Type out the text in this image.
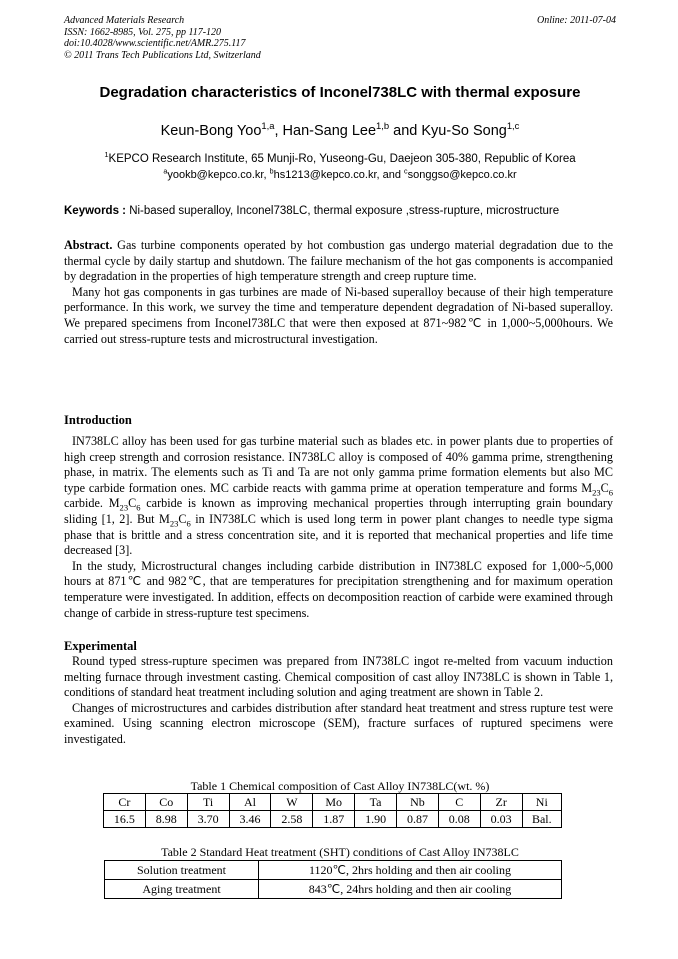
Advanced Materials Research
ISSN: 1662-8985, Vol. 275, pp 117-120
doi:10.4028/www.scientific.net/AMR.275.117
© 2011 Trans Tech Publications Ltd, Switzerland
Online: 2011-07-04
Degradation characteristics of Inconel738LC with thermal exposure
Keun-Bong Yoo$^{1,a}$, Han-Sang Lee$^{1,b}$ and Kyu-So Song$^{1,c}$
$^1$KEPCO Research Institute, 65 Munji-Ro, Yuseong-Gu, Daejeon 305-380, Republic of Korea
$^a$yookb@kepco.co.kr, $^b$hs1213@kepco.co.kr, and $^c$songgso@kepco.co.kr
Keywords : Ni-based superalloy, Inconel738LC, thermal exposure ,stress-rupture, microstructure

Abstract. Gas turbine components operated by hot combustion gas undergo material degradation due to the thermal cycle by daily startup and shutdown. The failure mechanism of the hot gas components is accompanied by degradation in the properties of high temperature strength and creep rupture time.

Many hot gas components in gas turbines are made of Ni-based superalloy because of their high temperature performance. In this work, we survey the time and temperature dependent degradation of Ni-based superalloy. We prepared specimens from Inconel738LC that were then exposed at 871~982℃ in 1,000~5,000hours. We carried out stress-rupture tests and microstructural investigation.

Introduction

IN738LC alloy has been used for gas turbine material such as blades etc. in power plants due to properties of high creep strength and corrosion resistance. IN738LC alloy is composed of 40% gamma prime, strengthening phase, in matrix. The elements such as Ti and Ta are not only gamma prime formation elements but also MC type carbide formation ones. MC carbide reacts with gamma prime at operation temperature and forms $M_{23}C_6$ carbide. $M_{23}C_6$ carbide is known as improving mechanical properties through interrupting grain boundary sliding [1, 2]. But $M_{23}C_6$ in IN738LC which is used long term in power plant changes to needle type sigma phase that is brittle and a stress concentration site, and it is reported that mechanical properties and life time decreased [3].

In the study, Microstructural changes including carbide distribution in IN738LC exposed for 1,000~5,000 hours at 871℃ and 982℃, that are temperatures for precipitation strengthening and for maximum operation temperature were investigated. In addition, effects on decomposition reaction of carbide were examined through change of carbide in stress-rupture test specimens.

Experimental

Round typed stress-rupture specimen was prepared from IN738LC ingot re-melted from vacuum induction melting furnace through investment casting. Chemical composition of cast alloy IN738LC is shown in Table 1, conditions of standard heat treatment including solution and aging treatment are shown in Table 2.

Changes of microstructures and carbides distribution after standard heat treatment and stress rupture test were examined. Using scanning electron microscope (SEM), fracture surfaces of ruptured specimens were investigated.

Table 1 Chemical composition of Cast Alloy IN738LC(wt. %)
Cr	Co	Ti	Al	W	Mo	Ta	Nb	C	Zr	Ni
16.5	8.98	3.70	3.46	2.58	1.87	1.90	0.87	0.08	0.03	Bal.
Table 2 Standard Heat treatment (SHT) conditions of Cast Alloy IN738LC
Solution treatment	1120℃, 2hrs holding and then air cooling
Aging treatment	843℃, 24hrs holding and then air cooling
